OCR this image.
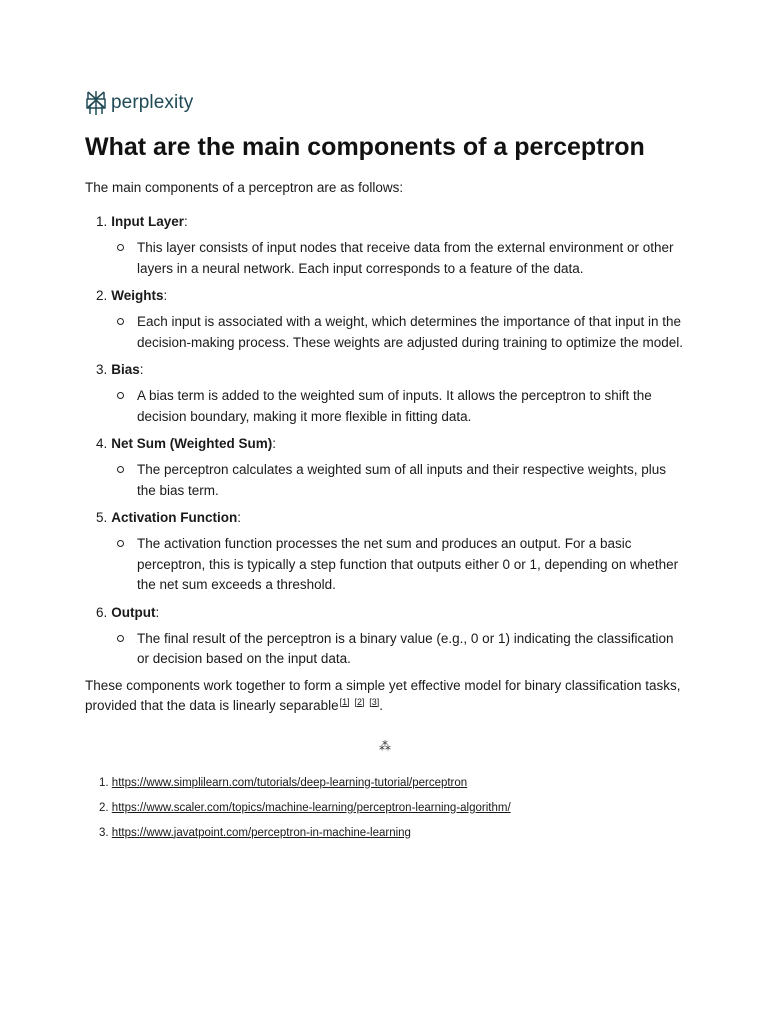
perplexity
What are the main components of a perceptron

The main components of a perceptron are as follows:

1. Input Layer:
This layer consists of input nodes that receive data from the external environment or other layers in a neural network. Each input corresponds to a feature of the data.
2. Weights:
Each input is associated with a weight, which determines the importance of that input in the decision-making process. These weights are adjusted during training to optimize the model.
3. Bias:
A bias term is added to the weighted sum of inputs. It allows the perceptron to shift the decision boundary, making it more flexible in fitting data.
4. Net Sum (Weighted Sum):
The perceptron calculates a weighted sum of all inputs and their respective weights, plus the bias term.
5. Activation Function:
The activation function processes the net sum and produces an output. For a basic perceptron, this is typically a step function that outputs either 0 or 1, depending on whether the net sum exceeds a threshold.
6. Output:
The final result of the perceptron is a binary value (e.g., 0 or 1) indicating the classification or decision based on the input data.

These components work together to form a simple yet effective model for binary classification tasks, provided that the data is linearly separable[1] [2] [3].

⁂
1. https://www.simplilearn.com/tutorials/deep-learning-tutorial/perceptron
2. https://www.scaler.com/topics/machine-learning/perceptron-learning-algorithm/
3. https://www.javatpoint.com/perceptron-in-machine-learning
